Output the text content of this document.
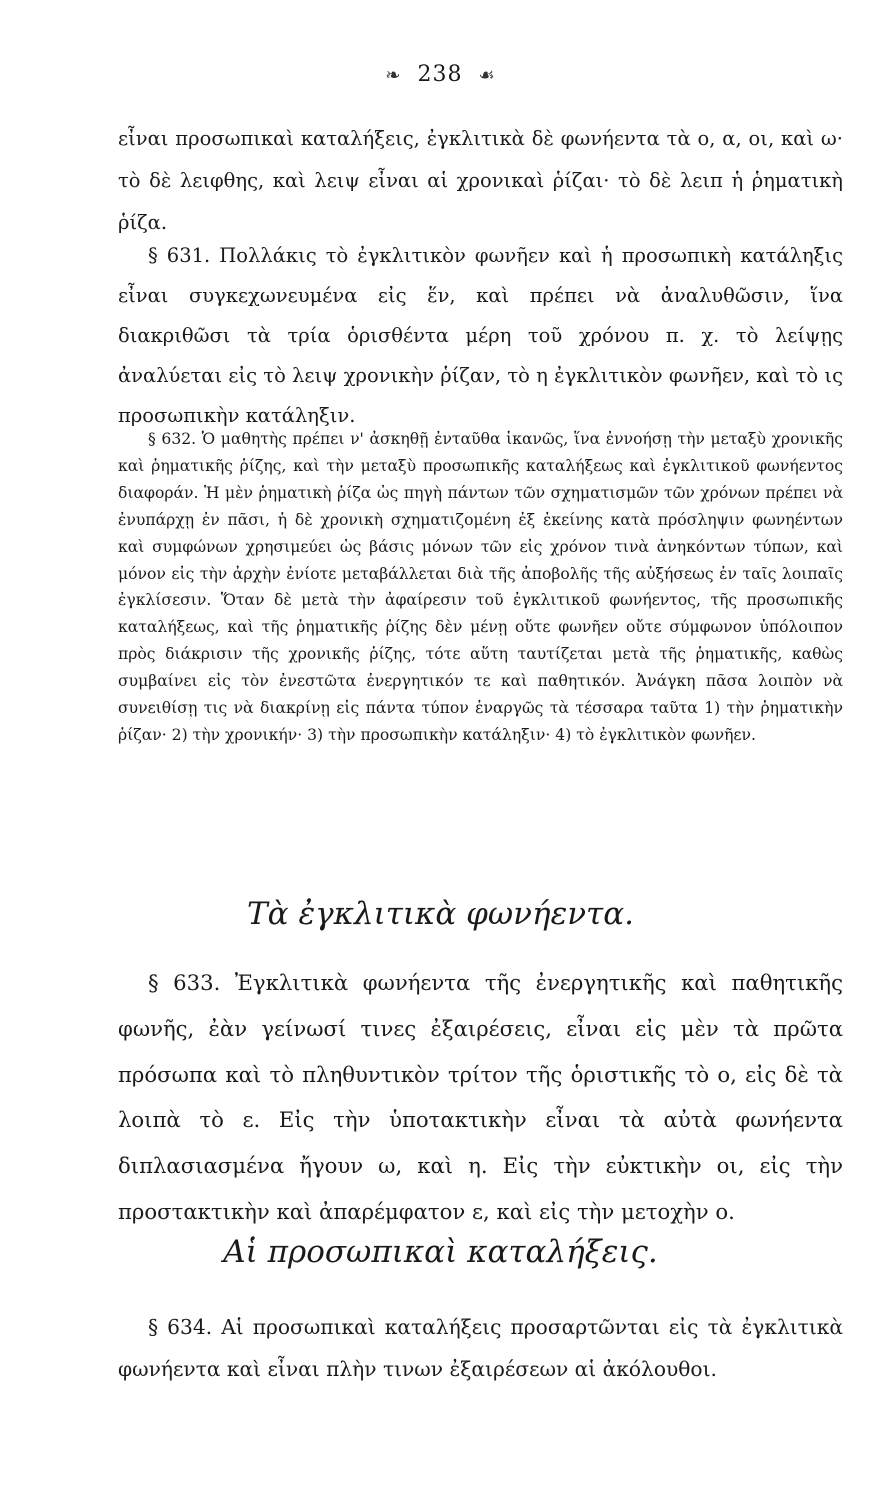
❧ 238 ☙
εἶναι προσωπικαὶ καταλήξεις, ἐγκλιτικὰ δὲ φωνήεντα τὰ ο, α, οι, καὶ ω· τὸ δὲ λειφθης, καὶ λειψ εἶναι αἱ χρονικαὶ ῥίζαι· τὸ δὲ λειπ ἡ ῥηματικὴ ῥίζα.
§ 631. Πολλάκις τὸ ἐγκλιτικὸν φωνῆεν καὶ ἡ προσωπικὴ κατάληξις εἶναι συγκεχωνευμένα εἰς ἕν, καὶ πρέπει νὰ ἀναλυθῶσιν, ἵνα διακριθῶσι τὰ τρία ὁρισθέντα μέρη τοῦ χρόνου π. χ. τὸ λείψῃς ἀναλύεται εἰς τὸ λειψ χρονικὴν ῥίζαν, τὸ η ἐγκλιτικὸν φωνῆεν, καὶ τὸ ις προσωπικὴν κατάληξιν.
§ 632. Ὁ μαθητὴς πρέπει ν' ἀσκηθῇ ἐνταῦθα ἱκανῶς, ἵνα ἐννοήσῃ τὴν μεταξὺ χρονικῆς καὶ ῥηματικῆς ῥίζης, καὶ τὴν μεταξὺ προσωπικῆς καταλήξεως καὶ ἐγκλιτικοῦ φωνήεντος διαφοράν. Ἡ μὲν ῥηματικὴ ῥίζα ὡς πηγὴ πάντων τῶν σχηματισμῶν τῶν χρόνων πρέπει νὰ ἐνυπάρχῃ ἐν πᾶσι, ἡ δὲ χρονικὴ σχηματιζομένη ἐξ ἐκείνης κατὰ πρόσληψιν φωνηέντων καὶ συμφώνων χρησιμεύει ὡς βάσις μόνων τῶν εἰς χρόνον τινὰ ἀνηκόντων τύπων, καὶ μόνον εἰς τὴν ἀρχὴν ἐνίοτε μεταβάλλεται διὰ τῆς ἀποβολῆς τῆς αὐξήσεως ἐν ταῖς λοιπαῖς ἐγκλίσεσιν. Ὅταν δὲ μετὰ τὴν ἀφαίρεσιν τοῦ ἐγκλιτικοῦ φωνήεντος, τῆς προσωπικῆς καταλήξεως, καὶ τῆς ῥηματικῆς ῥίζης δὲν μένῃ οὔτε φωνῆεν οὔτε σύμφωνον ὑπόλοιπον πρὸς διάκρισιν τῆς χρονικῆς ῥίζης, τότε αὕτη ταυτίζεται μετὰ τῆς ῥηματικῆς, καθὼς συμβαίνει εἰς τὸν ἐνεστῶτα ἐνεργητικόν τε καὶ παθητικόν. Ἀνάγκη πᾶσα λοιπὸν νὰ συνειθίσῃ τις νὰ διακρίνῃ εἰς πάντα τύπον ἐναργῶς τὰ τέσσαρα ταῦτα 1) τὴν ῥηματικὴν ῥίζαν· 2) τὴν χρονικήν· 3) τὴν προσωπικὴν κατάληξιν· 4) τὸ ἐγκλιτικὸν φωνῆεν.
Τὰ ἐγκλιτικὰ φωνήεντα.
§ 633. Ἐγκλιτικὰ φωνήεντα τῆς ἐνεργητικῆς καὶ παθητικῆς φωνῆς, ἐὰν γείνωσί τινες ἐξαιρέσεις, εἶναι εἰς μὲν τὰ πρῶτα πρόσωπα καὶ τὸ πληθυντικὸν τρίτον τῆς ὁριστικῆς τὸ ο, εἰς δὲ τὰ λοιπὰ τὸ ε. Εἰς τὴν ὑποτακτικὴν εἶναι τὰ αὐτὰ φωνήεντα διπλασιασμένα ἤγουν ω, καὶ η. Εἰς τὴν εὐκτικὴν οι, εἰς τὴν προστακτικὴν καὶ ἀπαρέμφατον ε, καὶ εἰς τὴν μετοχὴν ο.
Αἱ προσωπικαὶ καταλήξεις.
§ 634. Αἱ προσωπικαὶ καταλήξεις προσαρτῶνται εἰς τὰ ἐγκλιτικὰ φωνήεντα καὶ εἶναι πλὴν τινων ἐξαιρέσεων αἱ ἀκόλουθοι.
